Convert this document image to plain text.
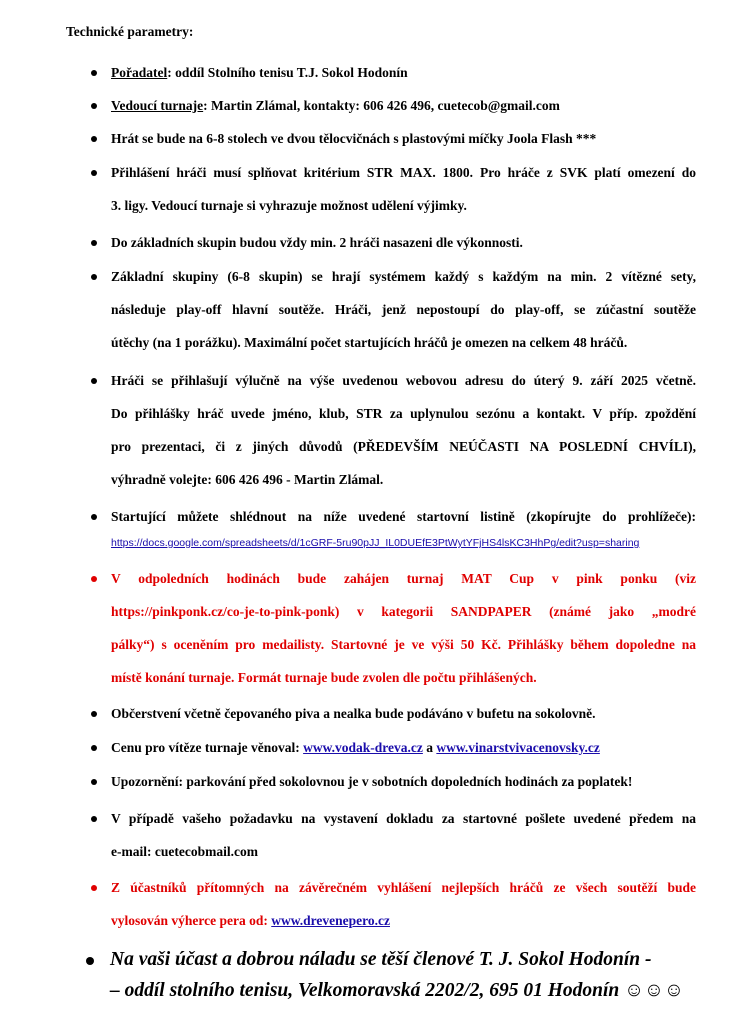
Technické parametry:
Pořadatel: oddíl Stolního tenisu T.J. Sokol Hodonín
Vedoucí turnaje: Martin Zlámal, kontakty: 606 426 496, cuetecob@gmail.com
Hrát se bude na 6-8 stolech ve dvou tělocvičnách s plastovými míčky Joola Flash ***
Přihlášení hráči musí splňovat kritérium STR MAX. 1800. Pro hráče z SVK platí omezení do
3. ligy. Vedoucí turnaje si vyhrazuje možnost udělení výjimky.
Do základních skupin budou vždy min. 2 hráči nasazeni dle výkonnosti.
Základní skupiny (6-8 skupin) se hrají systémem každý s každým na min. 2 vítězné sety,
následuje play-off hlavní soutěže. Hráči, jenž nepostoupí do play-off, se zúčastní soutěže
útěchy (na 1 porážku). Maximální počet startujících hráčů je omezen na celkem 48 hráčů.
Hráči se přihlašují výlučně na výše uvedenou webovou adresu do úterý 9. září 2025 včetně.
Do přihlášky hráč uvede jméno, klub, STR za uplynulou sezónu a kontakt. V příp. zpoždění
pro prezentaci, či z jiných důvodů (PŘEDEVŠÍM NEÚČASTI NA POSLEDNÍ CHVÍLI),
výhradně volejte: 606 426 496 - Martin Zlámal.
Startující můžete shlédnout na níže uvedené startovní listině (zkopírujte do prohlížeče):
https://docs.google.com/spreadsheets/d/1cGRF-5ru90pJJ_IL0DUEfE3PtWytYFjHS4lsKC3HhPg/edit?usp=sharing
V odpoledních hodinách bude zahájen turnaj MAT Cup v pink ponku (viz
https://pinkponk.cz/co-je-to-pink-ponk) v kategorii SANDPAPER (známé jako „modré
pálky“) s oceněním pro medailisty. Startovné je ve výši 50 Kč. Přihlášky během dopoledne na
místě konání turnaje. Formát turnaje bude zvolen dle počtu přihlášených.
Občerstvení včetně čepovaného piva a nealka bude podáváno v bufetu na sokolovně.
Cenu pro vítěze turnaje věnoval: www.vodak-dreva.cz a www.vinarstvivacenovsky.cz
Upozornění: parkování před sokolovnou je v sobotních dopoledních hodinách za poplatek!
V případě vašeho požadavku na vystavení dokladu za startovné pošlete uvedené předem na
e-mail: cuetecobmail.com
Z účastníků přítomných na závěrečném vyhlášení nejlepších hráčů ze všech soutěží bude
vylosován výherce pera od: www.drevenepero.cz
Na vaši účast a dobrou náladu se těší členové T. J. Sokol Hodonín -
– oddíl stolního tenisu, Velkomoravská 2202/2, 695 01 Hodonín ☺☺☺
